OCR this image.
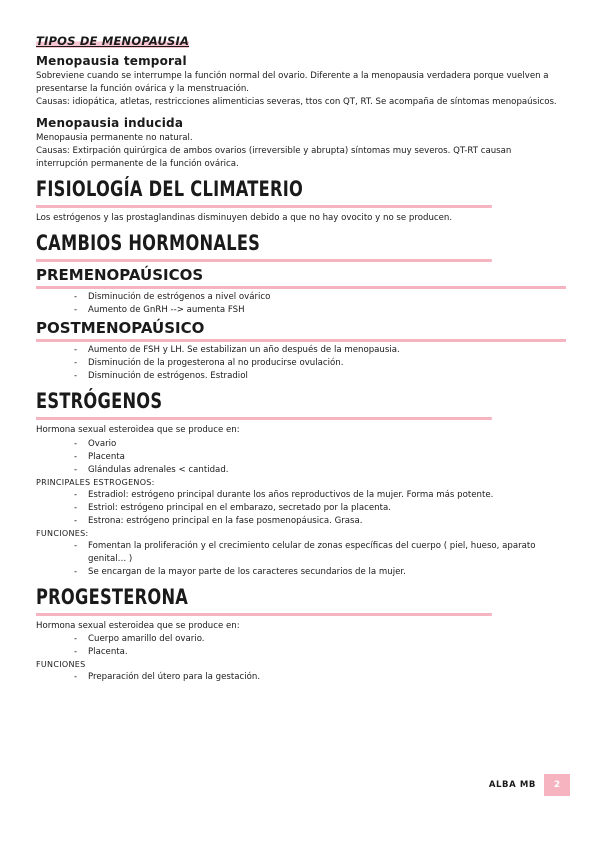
TIPOS DE MENOPAUSIA
Menopausia temporal

Sobreviene cuando se interrumpe la función normal del ovario. Diferente a la menopausia verdadera porque vuelven a presentarse la función ovárica y la menstruación.

Causas: idiopática, atletas, restricciones alimenticias severas, ttos con QT, RT. Se acompaña de síntomas menopaúsicos.

Menopausia inducida

Menopausia permanente no natural.

Causas: Extirpación quirúrgica de ambos ovarios (irreversible y abrupta) síntomas muy severos. QT-RT causan interrupción permanente de la función ovárica.

FISIOLOGÍA DEL CLIMATERIO

Los estrógenos y las prostaglandinas disminuyen debido a que no hay ovocito y no se producen.

CAMBIOS HORMONALES
PREMENOPAÚSICOS
- Disminución de estrógenos a nivel ovárico
- Aumento de GnRH --> aumenta FSH
POSTMENOPAÚSICO
- Aumento de FSH y LH. Se estabilizan un año después de la menopausia.
- Disminución de la progesterona al no producirse ovulación.
- Disminución de estrógenos. Estradiol
ESTRÓGENOS

Hormona sexual esteroidea que se produce en:

- Ovario
- Placenta
- Glándulas adrenales < cantidad.

PRINCIPALES ESTROGENOS:

- Estradiol: estrógeno principal durante los años reproductivos de la mujer. Forma más potente.
- Estriol: estrógeno principal en el embarazo, secretado por la placenta.
- Estrona: estrógeno principal en la fase posmenopáusica. Grasa.

FUNCIONES:

- Fomentan la proliferación y el crecimiento celular de zonas específicas del cuerpo ( piel, hueso, aparato genital… )
- Se encargan de la mayor parte de los caracteres secundarios de la mujer.
PROGESTERONA

Hormona sexual esteroidea que se produce en:

- Cuerpo amarillo del ovario.
- Placenta.

FUNCIONES

- Preparación del útero para la gestación.
ALBA MB	2
